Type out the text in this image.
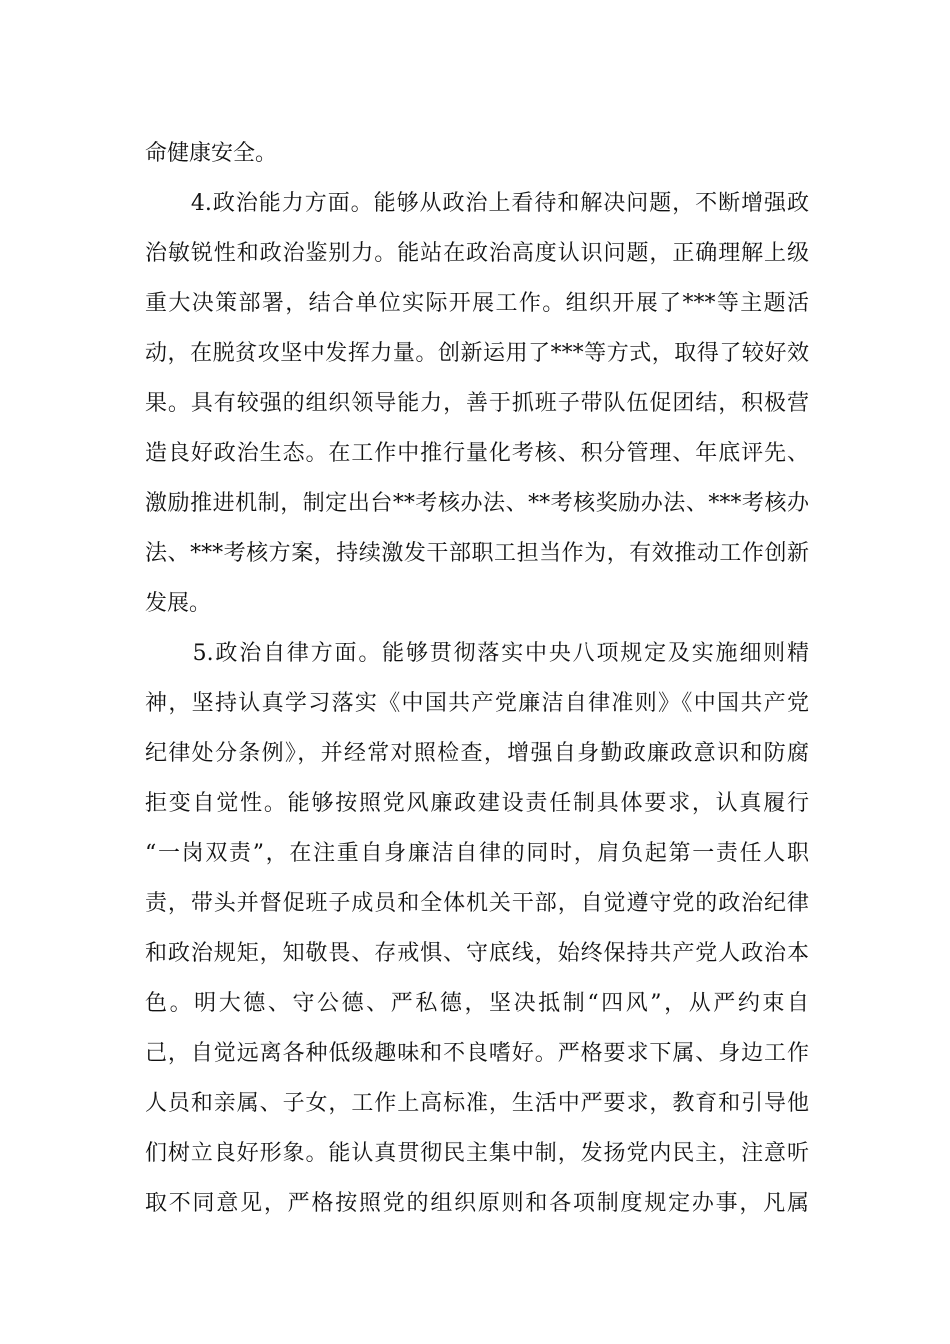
命健康安全。
　　4.政治能力方面。能够从政治上看待和解决问题，不断增强政
治敏锐性和政治鉴别力。能站在政治高度认识问题，正确理解上级
重大决策部署，结合单位实际开展工作。组织开展了***等主题活
动，在脱贫攻坚中发挥力量。创新运用了***等方式，取得了较好效
果。具有较强的组织领导能力，善于抓班子带队伍促团结，积极营
造良好政治生态。在工作中推行量化考核、积分管理、年底评先、
激励推进机制，制定出台**考核办法、**考核奖励办法、***考核办
法、***考核方案，持续激发干部职工担当作为，有效推动工作创新
发展。
　　5.政治自律方面。能够贯彻落实中央八项规定及实施细则精
神，坚持认真学习落实《中国共产党廉洁自律准则》《中国共产党
纪律处分条例》，并经常对照检查，增强自身勤政廉政意识和防腐
拒变自觉性。能够按照党风廉政建设责任制具体要求，认真履行
“一岗双责”，在注重自身廉洁自律的同时，肩负起第一责任人职
责，带头并督促班子成员和全体机关干部，自觉遵守党的政治纪律
和政治规矩，知敬畏、存戒惧、守底线，始终保持共产党人政治本
色。明大德、守公德、严私德，坚决抵制“四风”，从严约束自
己，自觉远离各种低级趣味和不良嗜好。严格要求下属、身边工作
人员和亲属、子女，工作上高标准，生活中严要求，教育和引导他
们树立良好形象。能认真贯彻民主集中制，发扬党内民主，注意听
取不同意见，严格按照党的组织原则和各项制度规定办事，凡属
